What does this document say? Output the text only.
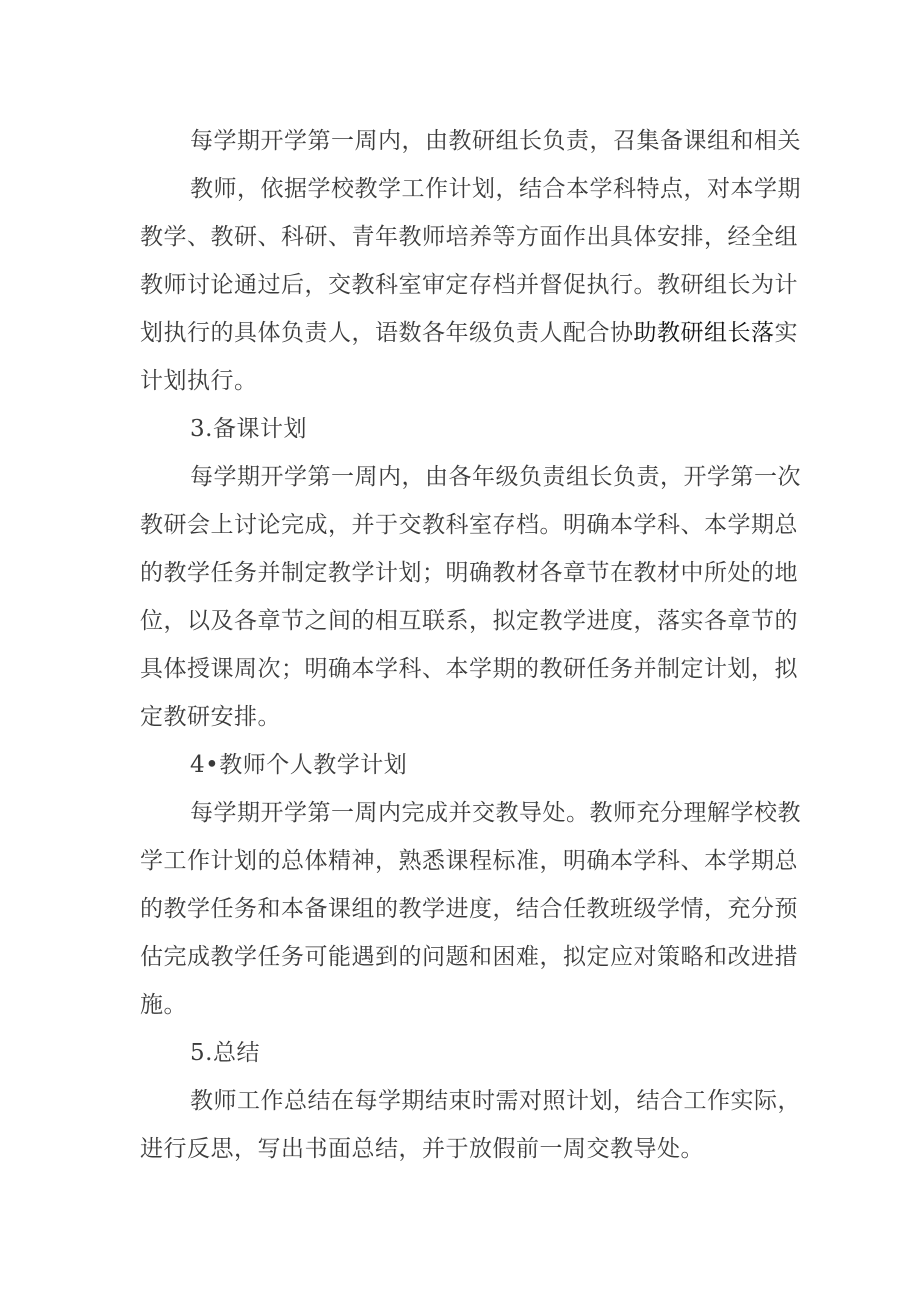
每学期开学第一周内，由教研组长负责，召集备课组和相关
教师，依据学校教学工作计划，结合本学科特点，对本学期
教学、教研、科研、青年教师培养等方面作出具体安排，经全组
教师讨论通过后，交教科室审定存档并督促执行。教研组长为计
划执行的具体负责人，语数各年级负责人配合协助教研组长落实
计划执行。
3.备课计划
每学期开学第一周内，由各年级负责组长负责，开学第一次
教研会上讨论完成，并于交教科室存档。明确本学科、本学期总
的教学任务并制定教学计划；明确教材各章节在教材中所处的地
位，以及各章节之间的相互联系，拟定教学进度，落实各章节的
具体授课周次；明确本学科、本学期的教研任务并制定计划，拟
定教研安排。
4•教师个人教学计划
每学期开学第一周内完成并交教导处。教师充分理解学校教
学工作计划的总体精神，熟悉课程标准，明确本学科、本学期总
的教学任务和本备课组的教学进度，结合任教班级学情，充分预
估完成教学任务可能遇到的问题和困难，拟定应对策略和改进措
施。
5.总结
教师工作总结在每学期结束时需对照计划，结合工作实际，
进行反思，写出书面总结，并于放假前一周交教导处。
